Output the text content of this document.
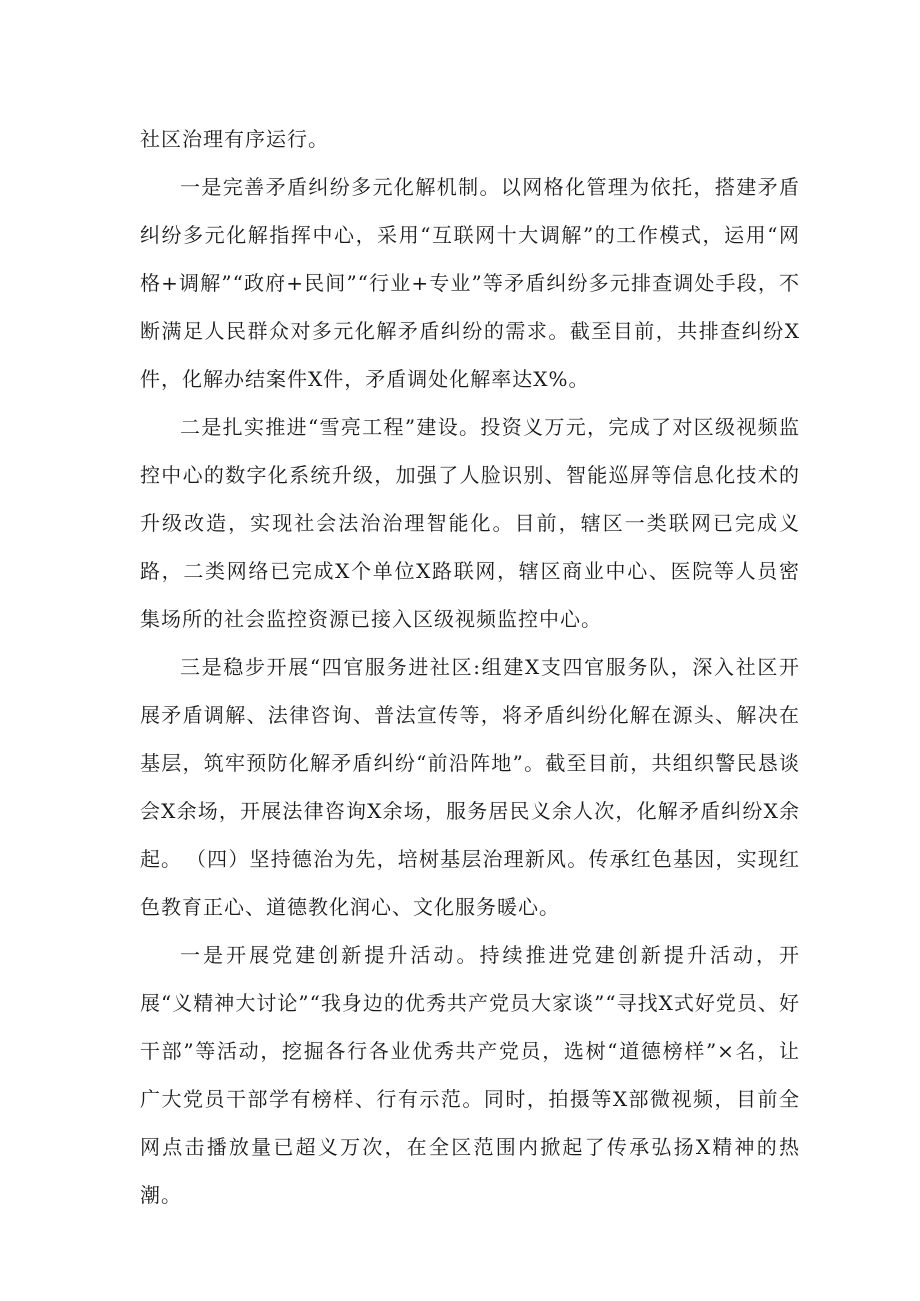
社区治理有序运行。

一是完善矛盾纠纷多元化解机制。以网格化管理为依托，搭建矛盾纠纷多元化解指挥中心，采用“互联网十大调解”的工作模式，运用“网格+调解”“政府+民间”“行业+专业”等矛盾纠纷多元排查调处手段，不断满足人民群众对多元化解矛盾纠纷的需求。截至目前，共排查纠纷X件，化解办结案件X件，矛盾调处化解率达X%。

二是扎实推进“雪亮工程”建设。投资义万元，完成了对区级视频监控中心的数字化系统升级，加强了人脸识别、智能巡屏等信息化技术的升级改造，实现社会法治治理智能化。目前，辖区一类联网已完成义路，二类网络已完成X个单位X路联网，辖区商业中心、医院等人员密集场所的社会监控资源已接入区级视频监控中心。

三是稳步开展“四官服务进社区:组建X支四官服务队，深入社区开展矛盾调解、法律咨询、普法宣传等，将矛盾纠纷化解在源头、解决在基层，筑牢预防化解矛盾纠纷“前沿阵地”。截至目前，共组织警民恳谈会X余场，开展法律咨询X余场，服务居民义余人次，化解矛盾纠纷X余起。 （四）坚持德治为先，培树基层治理新风。传承红色基因，实现红色教育正心、道德教化润心、文化服务暖心。

一是开展党建创新提升活动。持续推进党建创新提升活动，开展“义精神大讨论”“我身边的优秀共产党员大家谈”“寻找X式好党员、好干部”等活动，挖掘各行各业优秀共产党员，选树“道德榜样”×名，让广大党员干部学有榜样、行有示范。同时，拍摄等X部微视频，目前全网点击播放量已超义万次，在全区范围内掀起了传承弘扬X精神的热潮。
